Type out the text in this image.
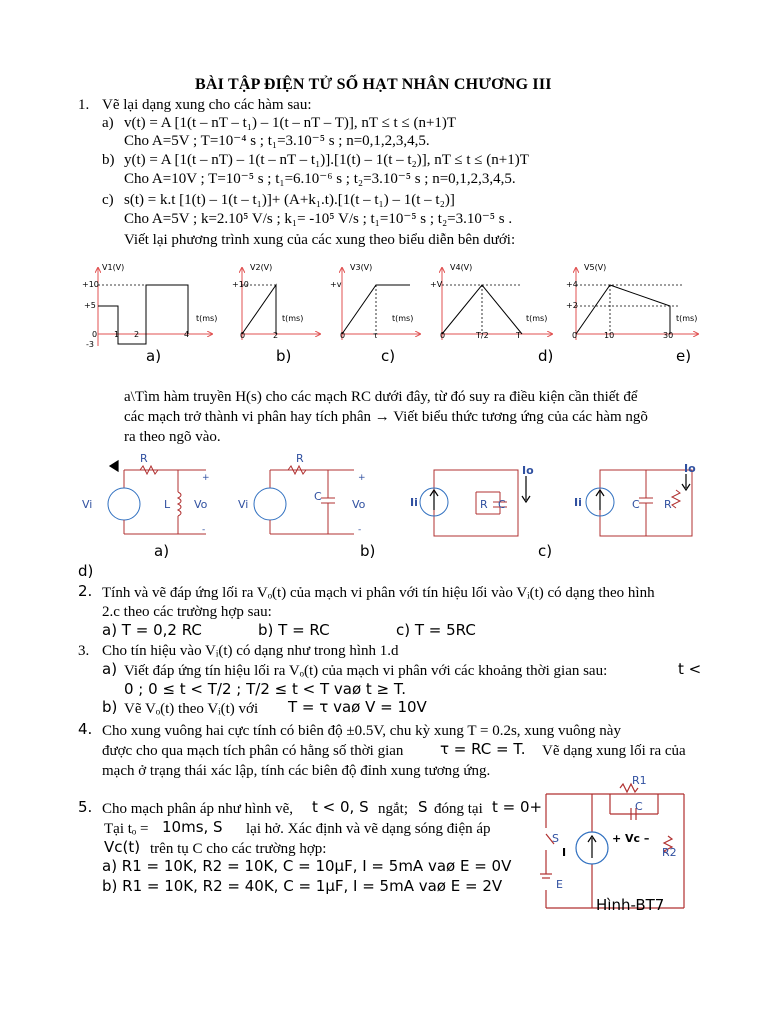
BÀI TẬP ĐIỆN TỬ SỐ HẠT NHÂN CHƯƠNG III
1. Vẽ lại dạng xung cho các hàm sau:
a) v(t) = A [1(t – nT – t₁) – 1(t – nT – T)], nT ≤ t ≤ (n+1)T
Cho A=5V ; T=10⁻⁴ s ; t₁=3.10⁻⁵ s ; n=0,1,2,3,4,5.
b) y(t) = A [1(t – nT) – 1(t – nT – t₁)].[1(t) – 1(t – t₂)], nT ≤ t ≤ (n+1)T
Cho A=10V ; T=10⁻⁵ s ; t₁=6.10⁻⁶ s ; t₂=3.10⁻⁵ s ; n=0,1,2,3,4,5.
c) s(t) = k.t [1(t) – 1(t – t₁)]+ (A+k₁.t).[1(t – t₁) – 1(t – t₂)]
Cho A=5V ; k=2.10⁵ V/s ; k₁= -10⁵ V/s ; t₁=10⁻⁵ s ; t₂=3.10⁻⁵ s .
Viết lại phương trình xung của các xung theo biểu diễn bên dưới:
V1(V)
+10
+5
-3
0 1 2	4
t(ms)
V2(V)
+10
0	2
t(ms)
V3(V)
+v
0	τ
t(ms)
V4(V)
+V
0	T/2	T
t(ms)
V5(V)
+4
+2
0	10	30
t(ms)
a)	b)	c)	d)	e)
a\Tìm hàm truyền H(s) cho các mạch RC dưới đây, từ đó suy ra điều kiện cần thiết để
các mạch trở thành vi phân hay tích phân → Viết biểu thức tương ứng của các hàm ngõ
ra theo ngõ vào.
R
Vi	L Vo
+
-
R
Vi
C
Vo
+
-
Ii	R C
Io
Ii	C R
Io
a)	b)	c)
d)
2. Tính và vẽ đáp ứng lối ra Vₒ(t) của mạch vi phân với tín hiệu lối vào Vᵢ(t) có dạng theo hình
2.c theo các trường hợp sau:
a) T = 0,2 RC	b) T = RC	c) T = 5RC
3. Cho tín hiệu vào Vᵢ(t) có dạng như trong hình 1.d
a) Viết đáp ứng tín hiệu lối ra Vₒ(t) của mạch vi phân với các khoảng thời gian sau:	t <
0 ; 0 ≤ t < T/2 ; T/2 ≤ t < T vaø t ≥ T.
b) Vẽ Vₒ(t) theo Vᵢ(t) với T = τ vaø V = 10V
4. Cho xung vuông hai cực tính có biên độ ±0.5V, chu kỳ xung T = 0.2s, xung vuông này
được cho qua mạch tích phân có hằng số thời gian τ = RC = T. Vẽ dạng xung lối ra của
mạch ở trạng thái xác lập, tính các biên độ đỉnh xung tương ứng.
5. Cho mạch phân áp như hình vẽ, t < 0, S ngắt; S đóng tại t = 0+
Tại tₒ = 10ms, S lại hở. Xác định và vẽ dạng sóng điện áp
Vc(t) trên tụ C cho các trường hợp:
a) R1 = 10K, R2 = 10K, C = 10μF, I = 5mA vaø E = 0V
b) R1 = 10K, R2 = 40K, C = 1μF, I = 5mA vaø E = 2V
R1
C
S
I
+ Vc –
R2
E
Hình-BT7
